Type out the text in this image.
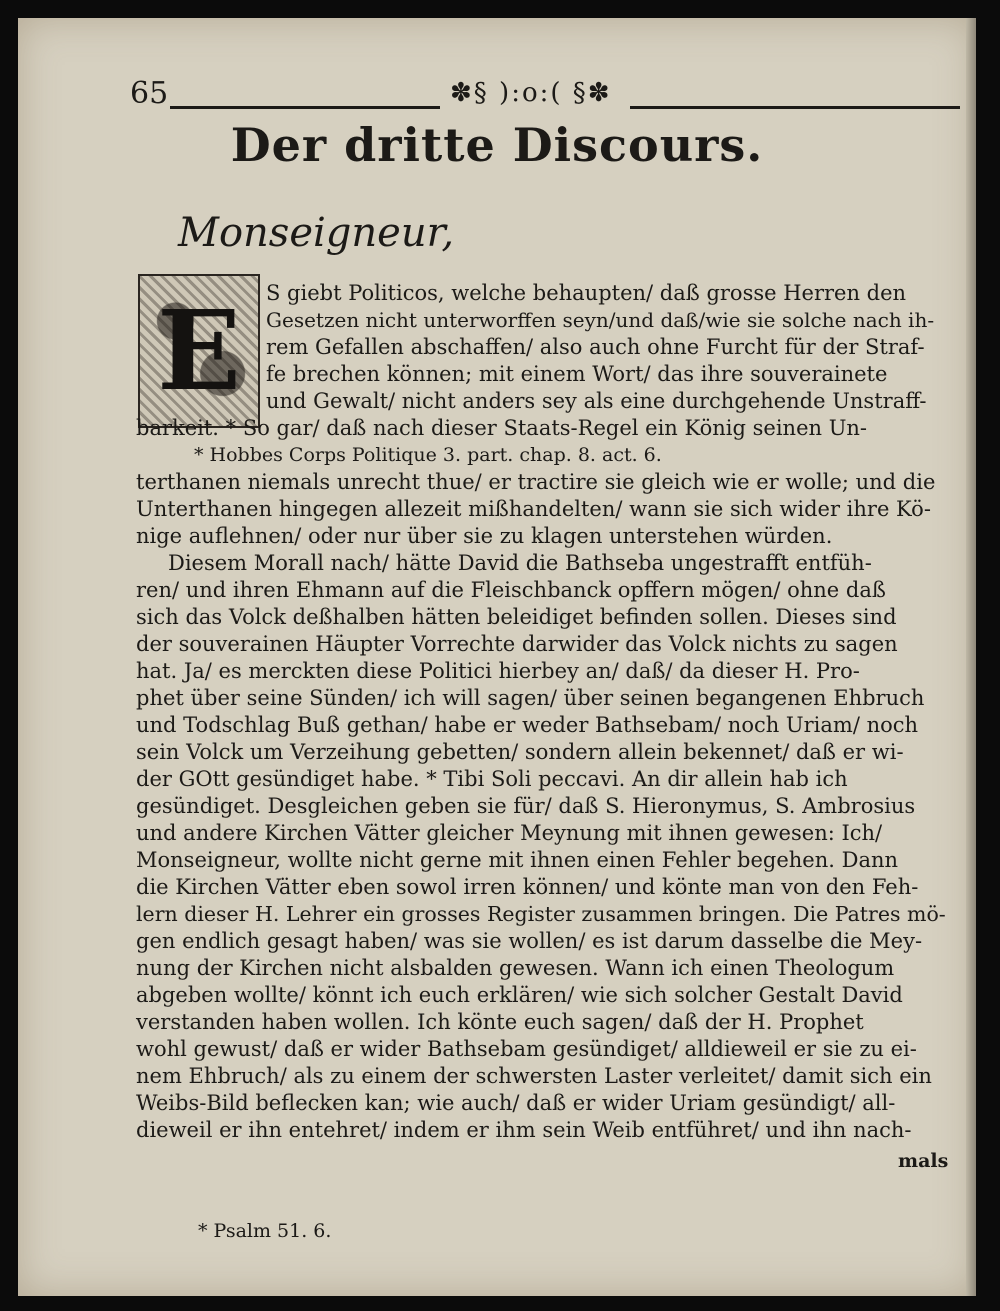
65	✽§ ):o:( §✽
Der dritte Discours.
Monseigneur,
E S giebt Politicos, welche behaupten/ daß grosse Herren den
Gesetzen nicht unterworffen seyn/und daß/wie sie solche nach ih-
rem Gefallen abschaffen/ also auch ohne Furcht für der Straf-
fe brechen können; mit einem Wort/ das ihre souverainete
und Gewalt/ nicht anders sey als eine durchgehende Unstraff-
barkeit. * So gar/ daß nach dieser Staats-Regel ein König seinen Un-
* Hobbes Corps Politique 3. part. chap. 8. act. 6.
terthanen niemals unrecht thue/ er tractire sie gleich wie er wolle; und die
Unterthanen hingegen allezeit mißhandelten/ wann sie sich wider ihre Kö-
nige auflehnen/ oder nur über sie zu klagen unterstehen würden.
Diesem Morall nach/ hätte David die Bathseba ungestrafft entfüh-
ren/ und ihren Ehmann auf die Fleischbanck opffern mögen/ ohne daß
sich das Volck deßhalben hätten beleidiget befinden sollen. Dieses sind
der souverainen Häupter Vorrechte darwider das Volck nichts zu sagen
hat. Ja/ es merckten diese Politici hierbey an/ daß/ da dieser H. Pro-
phet über seine Sünden/ ich will sagen/ über seinen begangenen Ehbruch
und Todschlag Buß gethan/ habe er weder Bathsebam/ noch Uriam/ noch
sein Volck um Verzeihung gebetten/ sondern allein bekennet/ daß er wi-
der GOtt gesündiget habe. * Tibi Soli peccavi. An dir allein hab ich
gesündiget. Desgleichen geben sie für/ daß S. Hieronymus, S. Ambrosius
und andere Kirchen Vätter gleicher Meynung mit ihnen gewesen: Ich/
Monseigneur, wollte nicht gerne mit ihnen einen Fehler begehen. Dann
die Kirchen Vätter eben sowol irren können/ und könte man von den Feh-
lern dieser H. Lehrer ein grosses Register zusammen bringen. Die Patres mö-
gen endlich gesagt haben/ was sie wollen/ es ist darum dasselbe die Mey-
nung der Kirchen nicht alsbalden gewesen. Wann ich einen Theologum
abgeben wollte/ könnt ich euch erklären/ wie sich solcher Gestalt David
verstanden haben wollen. Ich könte euch sagen/ daß der H. Prophet
wohl gewust/ daß er wider Bathsebam gesündiget/ alldieweil er sie zu ei-
nem Ehbruch/ als zu einem der schwersten Laster verleitet/ damit sich ein
Weibs-Bild beflecken kan; wie auch/ daß er wider Uriam gesündigt/ all-
dieweil er ihn entehret/ indem er ihm sein Weib entführet/ und ihn nach-
mals
* Psalm 51. 6.
